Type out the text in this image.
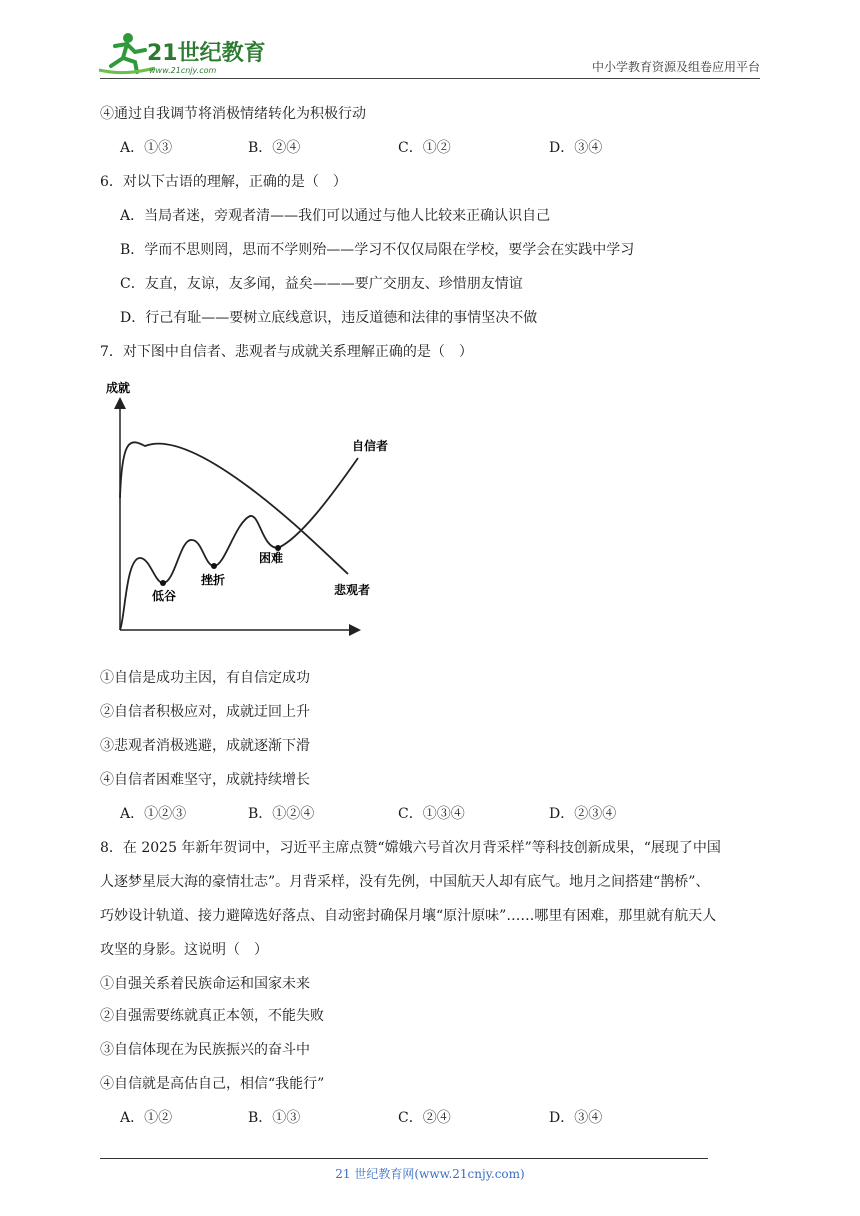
21世纪教育
www.21cnjy.com	中小学教育资源及组卷应用平台
④通过自我调节将消极情绪转化为积极行动
A．①③	B．②④	C．①②	D．③④
6．对以下古语的理解，正确的是（　）
A．当局者迷，旁观者清——我们可以通过与他人比较来正确认识自己
B．学而不思则罔，思而不学则殆——学习不仅仅局限在学校，要学会在实践中学习
C．友直，友谅，友多闻，益矣———要广交朋友、珍惜朋友情谊
D．行己有耻——要树立底线意识，违反道德和法律的事情坚决不做
7．对下图中自信者、悲观者与成就关系理解正确的是（　）
成就
自信者
悲观者
低谷
挫折
困难
①自信是成功主因，有自信定成功
②自信者积极应对，成就迂回上升
③悲观者消极逃避，成就逐渐下滑
④自信者困难坚守，成就持续增长
A．①②③	B．①②④	C．①③④	D．②③④
8．在 2025 年新年贺词中，习近平主席点赞“嫦娥六号首次月背采样”等科技创新成果，“展现了中国
人逐梦星辰大海的豪情壮志”。月背采样，没有先例，中国航天人却有底气。地月之间搭建“鹊桥”、
巧妙设计轨道、接力避障选好落点、自动密封确保月壤“原汁原味”……哪里有困难，那里就有航天人
攻坚的身影。这说明（　）
①自强关系着民族命运和国家未来
②自强需要练就真正本领，不能失败
③自信体现在为民族振兴的奋斗中
④自信就是高估自己，相信“我能行”
A．①②	B．①③	C．②④	D．③④
21 世纪教育网(www.21cnjy.com)
